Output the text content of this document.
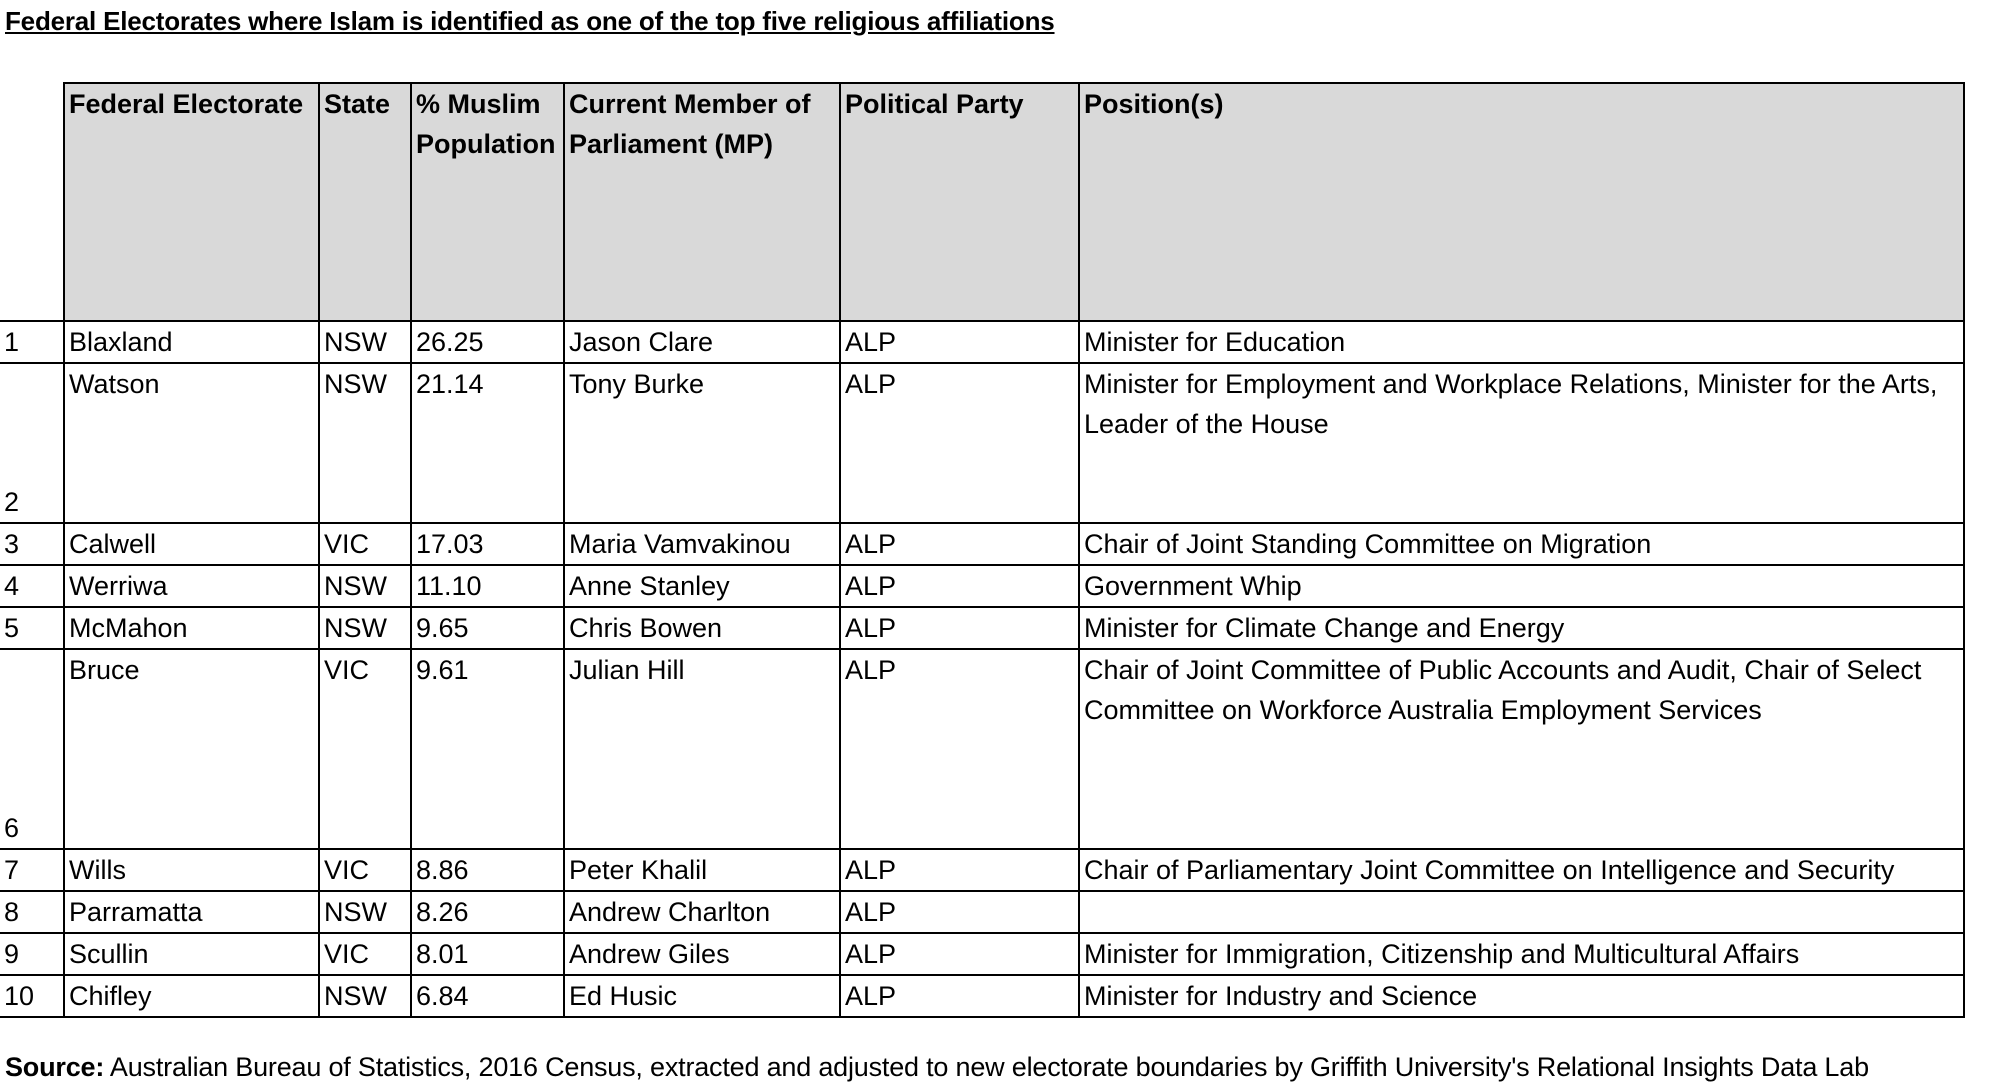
Federal Electorates where Islam is identified as one of the top five religious affiliations
	Federal Electorate	State	% Muslim Population	Current Member of Parliament (MP)	Political Party	Position(s)
1	Blaxland	NSW	26.25	Jason Clare	ALP	Minister for Education
2	Watson	NSW	21.14	Tony Burke	ALP	Minister for Employment and Workplace Relations, Minister for the Arts, Leader of the House
3	Calwell	VIC	17.03	Maria Vamvakinou	ALP	Chair of Joint Standing Committee on Migration
4	Werriwa	NSW	11.10	Anne Stanley	ALP	Government Whip
5	McMahon	NSW	9.65	Chris Bowen	ALP	Minister for Climate Change and Energy
6	Bruce	VIC	9.61	Julian Hill	ALP	Chair of Joint Committee of Public Accounts and Audit, Chair of Select Committee on Workforce Australia Employment Services
7	Wills	VIC	8.86	Peter Khalil	ALP	Chair of Parliamentary Joint Committee on Intelligence and Security
8	Parramatta	NSW	8.26	Andrew Charlton	ALP	
9	Scullin	VIC	8.01	Andrew Giles	ALP	Minister for Immigration, Citizenship and Multicultural Affairs
10	Chifley	NSW	6.84	Ed Husic	ALP	Minister for Industry and Science
Source: Australian Bureau of Statistics, 2016 Census, extracted and adjusted to new electorate boundaries by Griffith University's Relational Insights Data Lab
